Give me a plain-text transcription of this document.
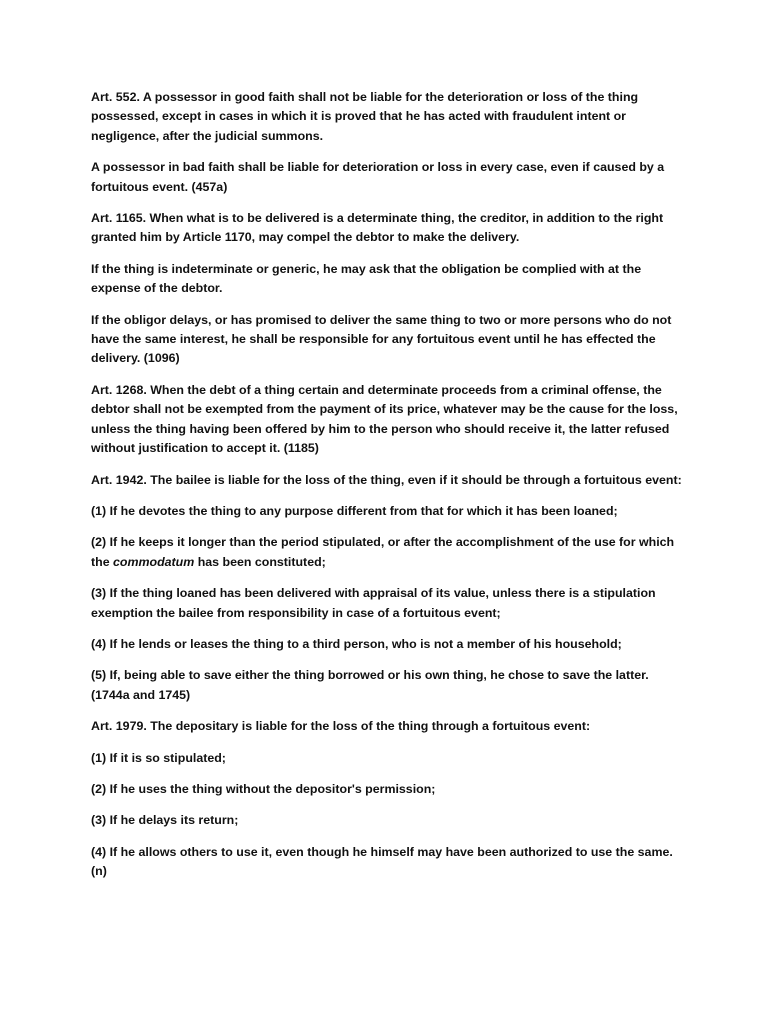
Art. 552. A possessor in good faith shall not be liable for the deterioration or loss of the thing possessed, except in cases in which it is proved that he has acted with fraudulent intent or negligence, after the judicial summons.

A possessor in bad faith shall be liable for deterioration or loss in every case, even if caused by a fortuitous event. (457a)

Art. 1165. When what is to be delivered is a determinate thing, the creditor, in addition to the right granted him by Article 1170, may compel the debtor to make the delivery.

If the thing is indeterminate or generic, he may ask that the obligation be complied with at the expense of the debtor.

If the obligor delays, or has promised to deliver the same thing to two or more persons who do not have the same interest, he shall be responsible for any fortuitous event until he has effected the delivery. (1096)

Art. 1268. When the debt of a thing certain and determinate proceeds from a criminal offense, the debtor shall not be exempted from the payment of its price, whatever may be the cause for the loss, unless the thing having been offered by him to the person who should receive it, the latter refused without justification to accept it. (1185)

Art. 1942. The bailee is liable for the loss of the thing, even if it should be through a fortuitous event:

(1) If he devotes the thing to any purpose different from that for which it has been loaned;

(2) If he keeps it longer than the period stipulated, or after the accomplishment of the use for which the commodatum has been constituted;

(3) If the thing loaned has been delivered with appraisal of its value, unless there is a stipulation exemption the bailee from responsibility in case of a fortuitous event;

(4) If he lends or leases the thing to a third person, who is not a member of his household;

(5) If, being able to save either the thing borrowed or his own thing, he chose to save the latter. (1744a and 1745)

Art. 1979. The depositary is liable for the loss of the thing through a fortuitous event:

(1) If it is so stipulated;

(2) If he uses the thing without the depositor's permission;

(3) If he delays its return;

(4) If he allows others to use it, even though he himself may have been authorized to use the same. (n)
